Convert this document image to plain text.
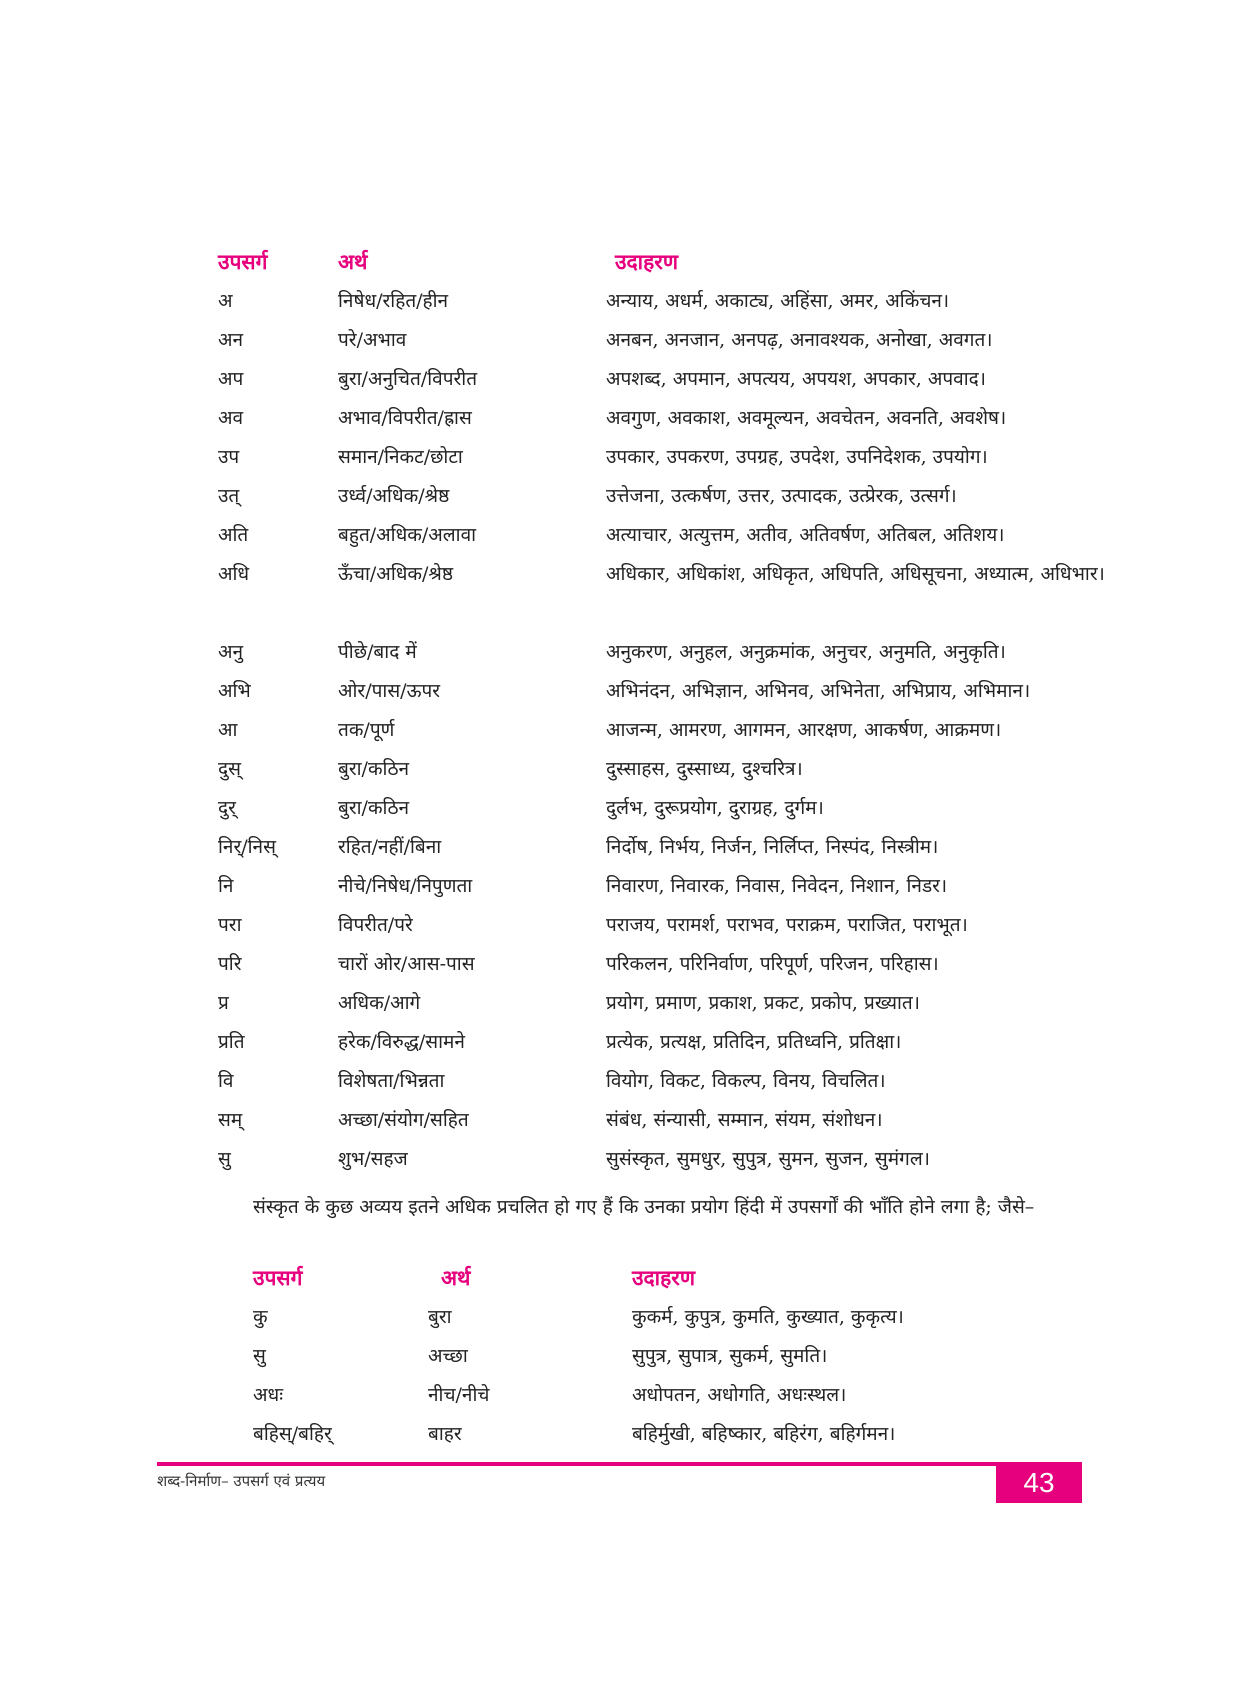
उपसर्ग	अर्थ	उदाहरण
अ	निषेध/रहित/हीन	अन्याय, अधर्म, अकाट्य, अहिंसा, अमर, अकिंचन।
अन	परे/अभाव	अनबन, अनजान, अनपढ़, अनावश्यक, अनोखा, अवगत।
अप	बुरा/अनुचित/विपरीत	अपशब्द, अपमान, अपत्यय, अपयश, अपकार, अपवाद।
अव	अभाव/विपरीत/ह्रास	अवगुण, अवकाश, अवमूल्यन, अवचेतन, अवनति, अवशेष।
उप	समान/निकट/छोटा	उपकार, उपकरण, उपग्रह, उपदेश, उपनिदेशक, उपयोग।
उत्	उर्ध्व/अधिक/श्रेष्ठ	उत्तेजना, उत्कर्षण, उत्तर, उत्पादक, उत्प्रेरक, उत्सर्ग।
अति	बहुत/अधिक/अलावा	अत्याचार, अत्युत्तम, अतीव, अतिवर्षण, अतिबल, अतिशय।
अधि	ऊँचा/अधिक/श्रेष्ठ	अधिकार, अधिकांश, अधिकृत, अधिपति, अधिसूचना, अध्यात्म, अधिभार।
अनु	पीछे/बाद में	अनुकरण, अनुहल, अनुक्रमांक, अनुचर, अनुमति, अनुकृति।
अभि	ओर/पास/ऊपर	अभिनंदन, अभिज्ञान, अभिनव, अभिनेता, अभिप्राय, अभिमान।
आ	तक/पूर्ण	आजन्म, आमरण, आगमन, आरक्षण, आकर्षण, आक्रमण।
दुस्	बुरा/कठिन	दुस्साहस, दुस्साध्य, दुश्चरित्र।
दुर्	बुरा/कठिन	दुर्लभ, दुरूप्रयोग, दुराग्रह, दुर्गम।
निर्/निस्	रहित/नहीं/बिना	निर्दोष, निर्भय, निर्जन, निर्लिप्त, निस्पंद, निस्त्रीम।
नि	नीचे/निषेध/निपुणता	निवारण, निवारक, निवास, निवेदन, निशान, निडर।
परा	विपरीत/परे	पराजय, परामर्श, पराभव, पराक्रम, पराजित, पराभूत।
परि	चारों ओर/आस-पास	परिकलन, परिनिर्वाण, परिपूर्ण, परिजन, परिहास।
प्र	अधिक/आगे	प्रयोग, प्रमाण, प्रकाश, प्रकट, प्रकोप, प्रख्यात।
प्रति	हरेक/विरुद्ध/सामने	प्रत्येक, प्रत्यक्ष, प्रतिदिन, प्रतिध्वनि, प्रतिक्षा।
वि	विशेषता/भिन्नता	वियोग, विकट, विकल्प, विनय, विचलित।
सम्	अच्छा/संयोग/सहित	संबंध, संन्यासी, सम्मान, संयम, संशोधन।
सु	शुभ/सहज	सुसंस्कृत, सुमधुर, सुपुत्र, सुमन, सुजन, सुमंगल।
संस्कृत के कुछ अव्यय इतने अधिक प्रचलित हो गए हैं कि उनका प्रयोग हिंदी में उपसर्गों की भाँति होने लगा है; जैसे–
उपसर्ग	अर्थ	उदाहरण
कु	बुरा	कुकर्म, कुपुत्र, कुमति, कुख्यात, कुकृत्य।
सु	अच्छा	सुपुत्र, सुपात्र, सुकर्म, सुमति।
अधः	नीच/नीचे	अधोपतन, अधोगति, अधःस्थल।
बहिस्/बहिर्	बाहर	बहिर्मुखी, बहिष्कार, बहिरंग, बहिर्गमन।
शब्द-निर्माण– उपसर्ग एवं प्रत्यय	43
